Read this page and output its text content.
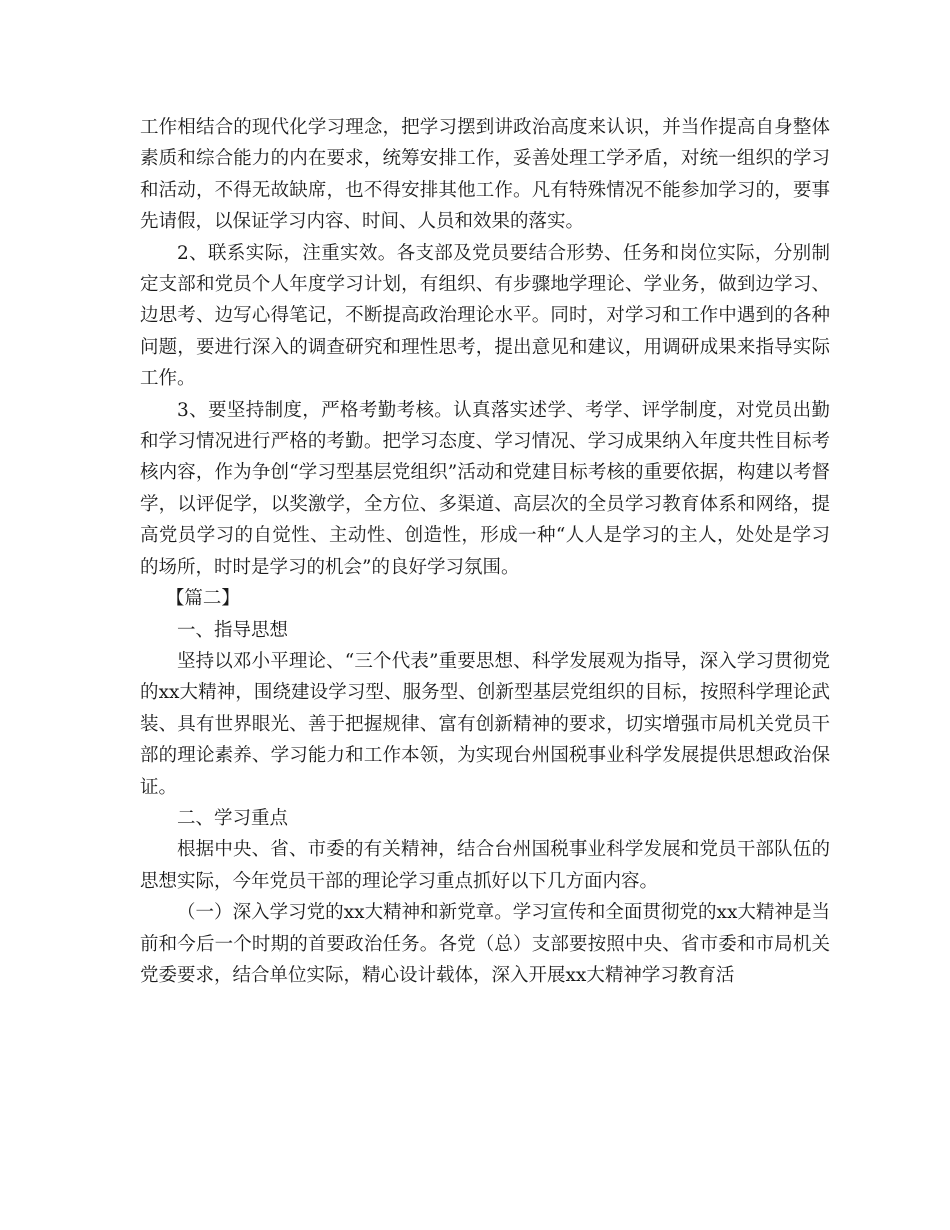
工作相结合的现代化学习理念，把学习摆到讲政治高度来认识，并当作提高自身整体素质和综合能力的内在要求，统筹安排工作，妥善处理工学矛盾，对统一组织的学习和活动，不得无故缺席，也不得安排其他工作。凡有特殊情况不能参加学习的，要事先请假，以保证学习内容、时间、人员和效果的落实。

2、联系实际，注重实效。各支部及党员要结合形势、任务和岗位实际，分别制定支部和党员个人年度学习计划，有组织、有步骤地学理论、学业务，做到边学习、边思考、边写心得笔记，不断提高政治理论水平。同时，对学习和工作中遇到的各种问题，要进行深入的调查研究和理性思考，提出意见和建议，用调研成果来指导实际工作。

3、要坚持制度，严格考勤考核。认真落实述学、考学、评学制度，对党员出勤和学习情况进行严格的考勤。把学习态度、学习情况、学习成果纳入年度共性目标考核内容，作为争创“学习型基层党组织”活动和党建目标考核的重要依据，构建以考督学，以评促学，以奖激学，全方位、多渠道、高层次的全员学习教育体系和网络，提高党员学习的自觉性、主动性、创造性，形成一种“人人是学习的主人，处处是学习的场所，时时是学习的机会”的良好学习氛围。

【篇二】

一、指导思想

坚持以邓小平理论、“三个代表”重要思想、科学发展观为指导，深入学习贯彻党的xx大精神，围绕建设学习型、服务型、创新型基层党组织的目标，按照科学理论武装、具有世界眼光、善于把握规律、富有创新精神的要求，切实增强市局机关党员干部的理论素养、学习能力和工作本领，为实现台州国税事业科学发展提供思想政治保证。

二、学习重点

根据中央、省、市委的有关精神，结合台州国税事业科学发展和党员干部队伍的思想实际，今年党员干部的理论学习重点抓好以下几方面内容。

（一）深入学习党的xx大精神和新党章。学习宣传和全面贯彻党的xx大精神是当前和今后一个时期的首要政治任务。各党（总）支部要按照中央、省市委和市局机关党委要求，结合单位实际，精心设计载体，深入开展xx大精神学习教育活
